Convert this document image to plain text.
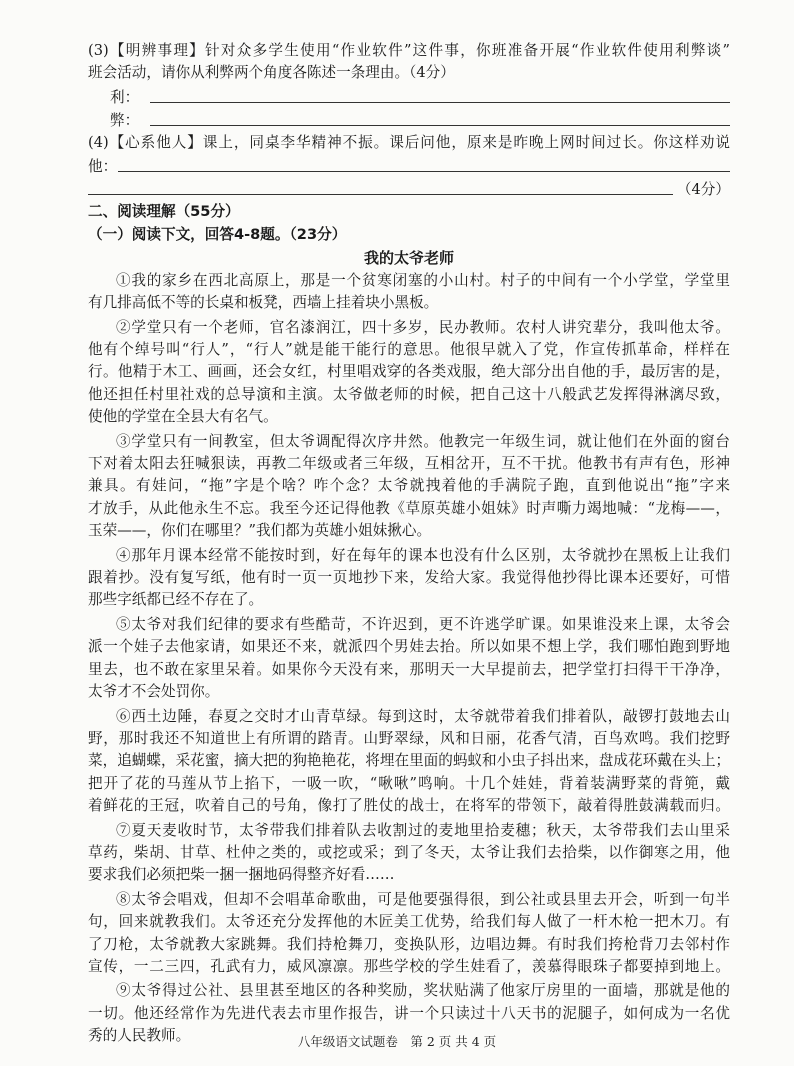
(3)【明辨事理】针对众多学生使用“作业软件”这件事，你班准备开展“作业软件使用利弊谈”
班会活动，请你从利弊两个角度各陈述一条理由。（4分）
利：
弊：
(4)【心系他人】课上，同桌李华精神不振。课后问他，原来是昨晚上网时间过长。你这样劝说
他：
（4分）
二、阅读理解（55分）
（一）阅读下文，回答4-8题。（23分）
我的太爷老师
①我的家乡在西北高原上，那是一个贫寒闭塞的小山村。村子的中间有一个小学堂，学堂里
有几排高低不等的长桌和板凳，西墙上挂着块小黑板。
②学堂只有一个老师，官名漆润江，四十多岁，民办教师。农村人讲究辈分，我叫他太爷。
他有个绰号叫“行人”，“行人”就是能干能行的意思。他很早就入了党，作宣传抓革命，样样在
行。他精于木工、画画，还会女红，村里唱戏穿的各类戏服，绝大部分出自他的手，最厉害的是，
他还担任村里社戏的总导演和主演。太爷做老师的时候，把自己这十八般武艺发挥得淋漓尽致，
使他的学堂在全县大有名气。
③学堂只有一间教室，但太爷调配得次序井然。他教完一年级生词，就让他们在外面的窗台
下对着太阳去狂喊狠读，再教二年级或者三年级，互相岔开，互不干扰。他教书有声有色，形神
兼具。有娃问，“拖”字是个啥？咋个念？太爷就拽着他的手满院子跑，直到他说出“拖”字来
才放手，从此他永生不忘。我至今还记得他教《草原英雄小姐妹》时声嘶力竭地喊：“龙梅——，
玉荣——，你们在哪里？”我们都为英雄小姐妹揪心。
④那年月课本经常不能按时到，好在每年的课本也没有什么区别，太爷就抄在黑板上让我们
跟着抄。没有复写纸，他有时一页一页地抄下来，发给大家。我觉得他抄得比课本还要好，可惜
那些字纸都已经不存在了。
⑤太爷对我们纪律的要求有些酷苛，不许迟到，更不许逃学旷课。如果谁没来上课，太爷会
派一个娃子去他家请，如果还不来，就派四个男娃去抬。所以如果不想上学，我们哪怕跑到野地
里去，也不敢在家里呆着。如果你今天没有来，那明天一大早提前去，把学堂打扫得干干净净，
太爷才不会处罚你。
⑥西土边陲，春夏之交时才山青草绿。每到这时，太爷就带着我们排着队，敲锣打鼓地去山
野，那时我还不知道世上有所谓的踏青。山野翠绿，风和日丽，花香气清，百鸟欢鸣。我们挖野
菜，追蝴蝶，采花蜜，摘大把的狗艳艳花，将埋在里面的蚂蚁和小虫子抖出来，盘成花环戴在头上；
把开了花的马莲从节上掐下，一吸一吹，“啾啾”鸣响。十几个娃娃，背着装满野菜的背篼，戴
着鲜花的王冠，吹着自己的号角，像打了胜仗的战士，在将军的带领下，敲着得胜鼓满载而归。
⑦夏天麦收时节，太爷带我们排着队去收割过的麦地里拾麦穗；秋天，太爷带我们去山里采
草药，柴胡、甘草、杜仲之类的，或挖或采；到了冬天，太爷让我们去拾柴，以作御寒之用，他
要求我们必须把柴一捆一捆地码得整齐好看……
⑧太爷会唱戏，但却不会唱革命歌曲，可是他要强得很，到公社或县里去开会，听到一句半
句，回来就教我们。太爷还充分发挥他的木匠美工优势，给我们每人做了一杆木枪一把木刀。有
了刀枪，太爷就教大家跳舞。我们持枪舞刀，变换队形，边唱边舞。有时我们挎枪背刀去邻村作
宣传，一二三四，孔武有力，威风凛凛。那些学校的学生娃看了，羡慕得眼珠子都要掉到地上。
⑨太爷得过公社、县里甚至地区的各种奖励，奖状贴满了他家厅房里的一面墙，那就是他的
一切。他还经常作为先进代表去市里作报告，讲一个只读过十八天书的泥腿子，如何成为一名优
秀的人民教师。	八年级语文试题卷　第 2 页 共 4 页
